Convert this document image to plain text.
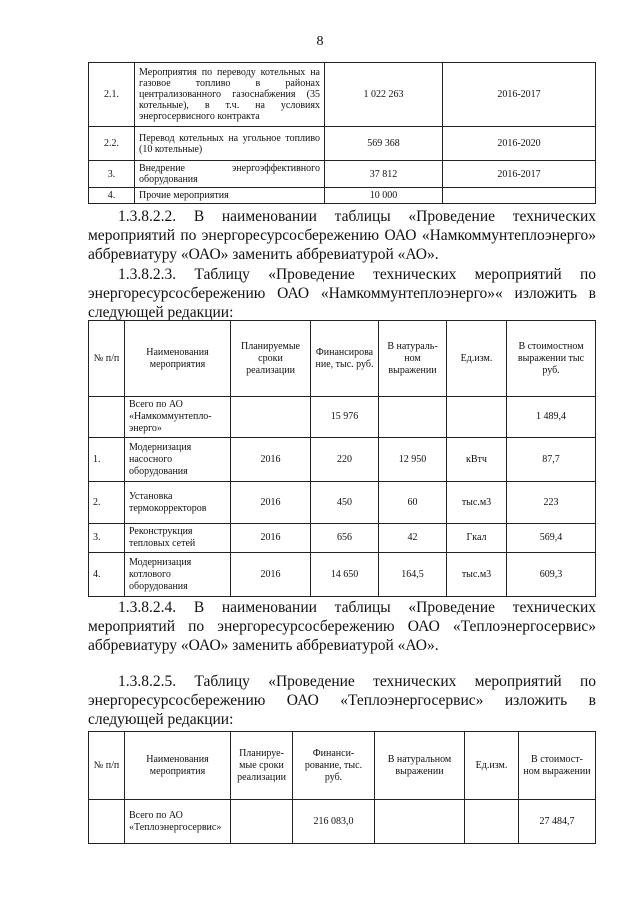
8
2.1.	Мероприятия по переводу котельных на газовое топливо в районах централизованного газоснабжения (35 котельные), в т.ч. на условиях энергосервисного контракта	1 022 263	2016-2017
2.2.	Перевод котельных на угольное топливо (10 котельные)	569 368	2016-2020
3.	Внедрение энергоэффективного оборудования	37 812	2016-2017
4.	Прочие мероприятия	10 000	
1.3.8.2.2. В наименовании таблицы «Проведение технических мероприятий по энергоресурсосбережению ОАО «Намкоммунтеплоэнерго» аббревиатуру «ОАО» заменить аббревиатурой «АО».
1.3.8.2.3. Таблицу «Проведение технических мероприятий по энергоресурсосбережению ОАО «Намкоммунтеплоэнерго»« изложить в следующей редакции:
№ п/п	Наименования мероприятия	Планируемые сроки реализации	Финансирова ние, тыс. руб.	В натураль-ном выражении	Ед.изм.	В стоимостном выражении тыс руб.
	Всего по АО «Намкоммунтепло-энерго»		15 976			1 489,4
1.	Модернизация насосного оборудования	2016	220	12 950	кВтч	87,7
2.	Установка термокорректоров	2016	450	60	тыс.м3	223
3.	Реконструкция тепловых сетей	2016	656	42	Гкал	569,4
4.	Модернизация котлового оборудования	2016	14 650	164,5	тыс.м3	609,3
1.3.8.2.4. В наименовании таблицы «Проведение технических мероприятий по энергоресурсосбережению ОАО «Теплоэнергосервис» аббревиатуру «ОАО» заменить аббревиатурой «АО».
1.3.8.2.5. Таблицу «Проведение технических мероприятий по энергоресурсосбережению ОАО «Теплоэнергосервис» изложить в следующей редакции:
№ п/п	Наименования мероприятия	Планируе-мые сроки реализации	Финанси-рование, тыс. руб.	В натуральном выражении	Ед.изм.	В стоимост-ном выражении
	Всего по АО «Теплоэнергосервис»		216 083,0			27 484,7
